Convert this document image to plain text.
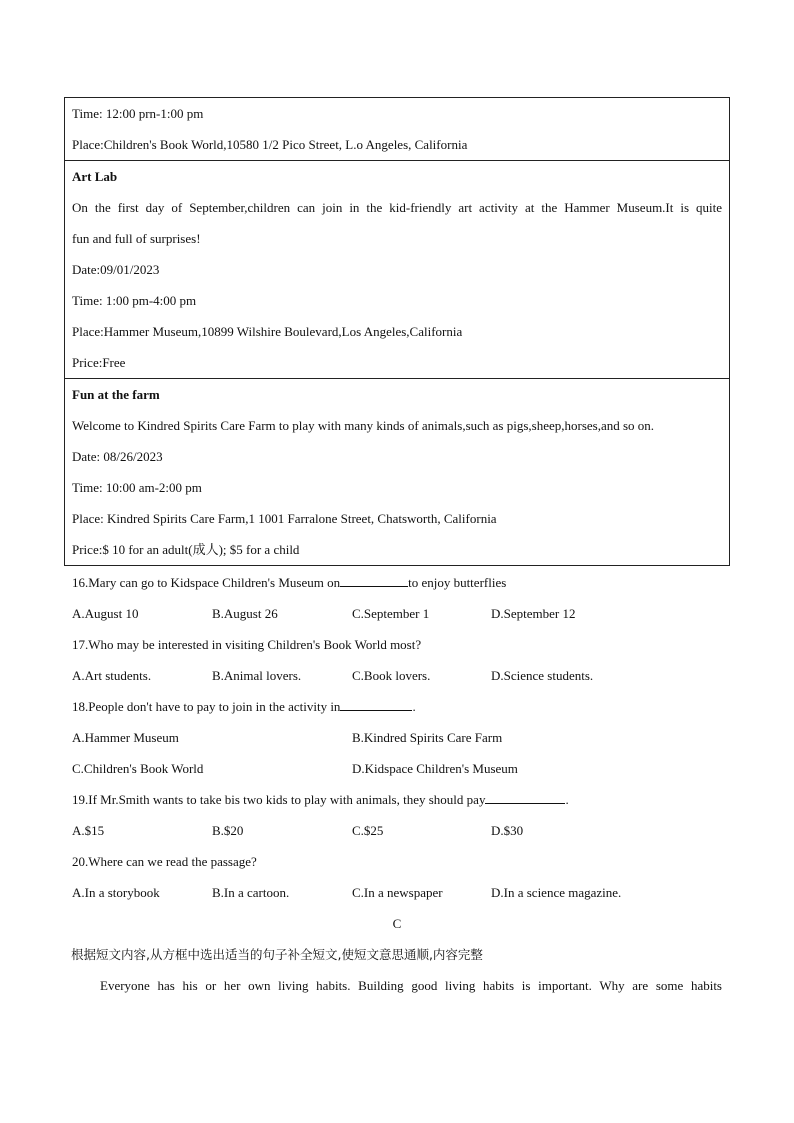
Time: 12:00 prn-1:00 pm
Place:Children's Book World,10580 1/2 Pico Street, L.o Angeles, California
Art Lab
On the first day of September,children can join in the kid-friendly art activity at the Hammer Museum.It is quite
fun and full of surprises!
Date:09/01/2023
Time: 1:00 pm-4:00 pm
Place:Hammer Museum,10899 Wilshire Boulevard,Los Angeles,California
Price:Free
Fun at the farm
Welcome to Kindred Spirits Care Farm to play with many kinds of animals,such as pigs,sheep,horses,and so on.
Date: 08/26/2023
Time: 10:00 am-2:00 pm
Place: Kindred Spirits Care Farm,1 1001 Farralone Street, Chatsworth, California
Price:$ 10 for an adult(成人); $5 for a child
16.Mary can go to Kidspace Children's Museum on	to enjoy butterflies
A.August 10	B.August 26	C.September 1	D.September 12
17.Who may be interested in visiting Children's Book World most?
A.Art students.	B.Animal lovers.	C.Book lovers.	D.Science students.
18.People don't have to pay to join in the activity in	.
A.Hammer Museum	B.Kindred Spirits Care Farm
C.Children's Book World	D.Kidspace Children's Museum
19.If Mr.Smith wants to take bis two kids to play with animals, they should pay	.
A.$15	B.$20	C.$25	D.$30
20.Where can we read the passage?
A.In a storybook	B.In a cartoon.	C.In a newspaper	D.In a science magazine.
C
根据短文内容,从方框中选出适当的句子补全短文,使短文意思通顺,内容完整
Everyone has his or her own living habits. Building good living habits is important. Why are some habits
